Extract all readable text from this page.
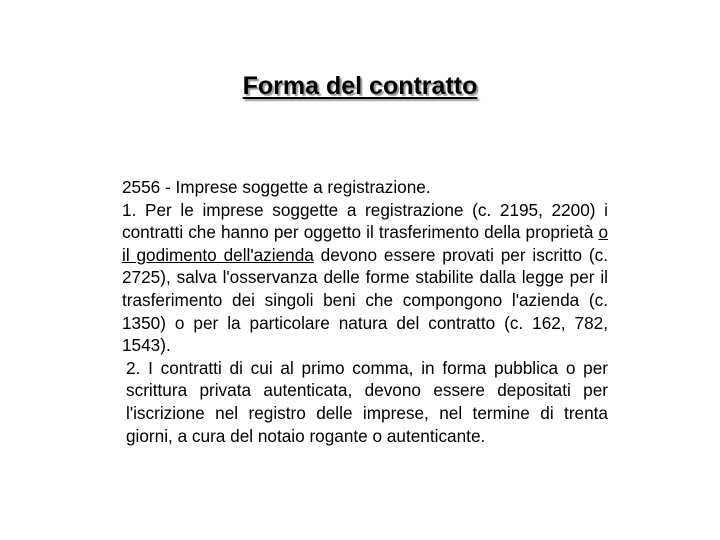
Forma del contratto

2556 - Imprese soggette a registrazione.

1. Per le imprese soggette a registrazione (c. 2195, 2200) i contratti che hanno per oggetto il trasferimento della proprietà o il godimento dell'azienda devono essere provati per iscritto (c. 2725), salva l'osservanza delle forme stabilite dalla legge per il trasferimento dei singoli beni che compongono l'azienda (c. 1350) o per la particolare natura del contratto (c. 162, 782, 1543).

2. I contratti di cui al primo comma, in forma pubblica o per scrittura privata autenticata, devono essere depositati per l'iscrizione nel registro delle imprese, nel termine di trenta giorni, a cura del notaio rogante o autenticante.
